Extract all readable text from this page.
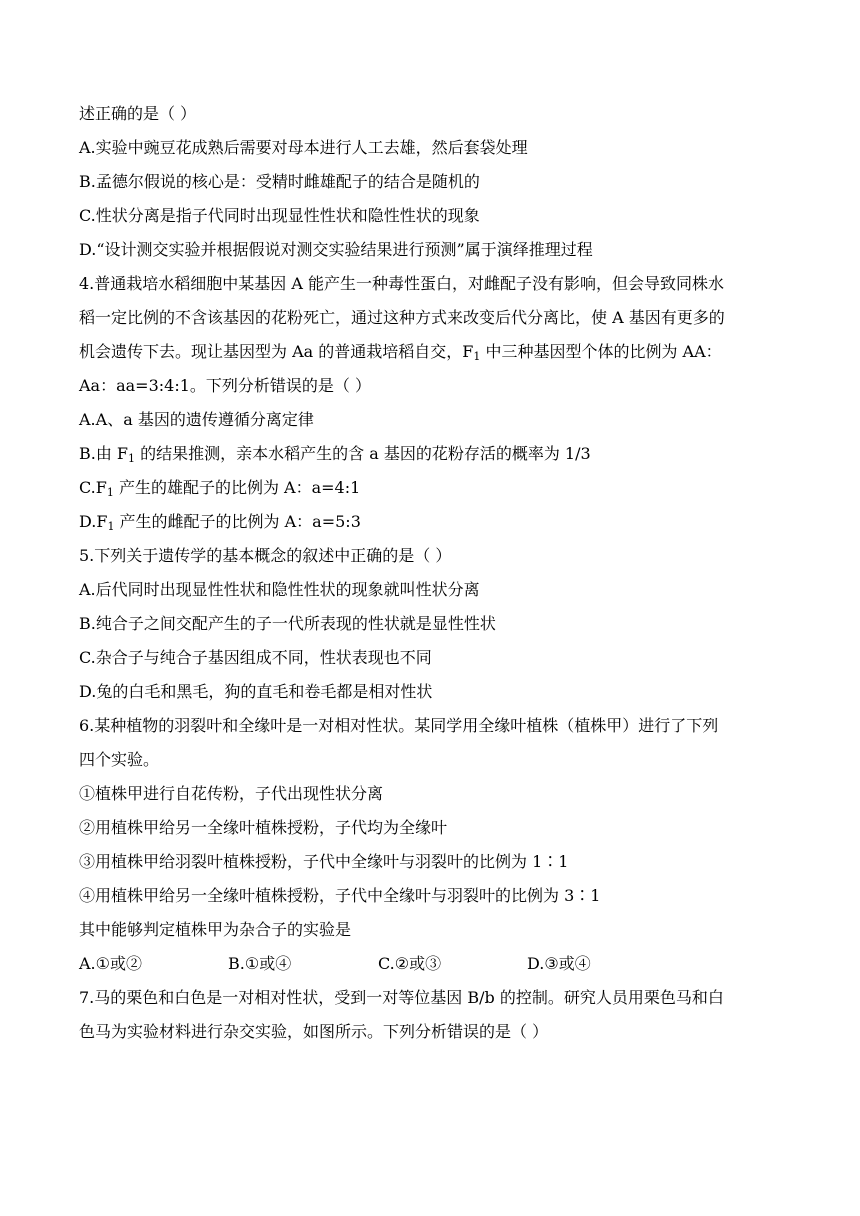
述正确的是（ ）
A.实验中豌豆花成熟后需要对母本进行人工去雄，然后套袋处理
B.孟德尔假说的核心是：受精时雌雄配子的结合是随机的
C.性状分离是指子代同时出现显性性状和隐性性状的现象
D.“设计测交实验并根据假说对测交实验结果进行预测”属于演绎推理过程
4.普通栽培水稻细胞中某基因 A 能产生一种毒性蛋白，对雌配子没有影响，但会导致同株水
稻一定比例的不含该基因的花粉死亡，通过这种方式来改变后代分离比，使 A 基因有更多的
机会遗传下去。现让基因型为 Aa 的普通栽培稻自交，$F_1$ 中三种基因型个体的比例为 AA：
Aa：aa=3:4:1。下列分析错误的是（ ）
A.A、a 基因的遗传遵循分离定律
B.由 $F_1$ 的结果推测，亲本水稻产生的含 a 基因的花粉存活的概率为 1/3
$C.F_1$ 产生的雄配子的比例为 A：a=4:1
$D.F_1$ 产生的雌配子的比例为 A：a=5:3
5.下列关于遗传学的基本概念的叙述中正确的是（ ）
A.后代同时出现显性性状和隐性性状的现象就叫性状分离
B.纯合子之间交配产生的子一代所表现的性状就是显性性状
C.杂合子与纯合子基因组成不同，性状表现也不同
D.兔的白毛和黑毛，狗的直毛和卷毛都是相对性状
6.某种植物的羽裂叶和全缘叶是一对相对性状。某同学用全缘叶植株（植株甲）进行了下列
四个实验。
①植株甲进行自花传粉，子代出现性状分离
②用植株甲给另一全缘叶植株授粉，子代均为全缘叶
③用植株甲给羽裂叶植株授粉，子代中全缘叶与羽裂叶的比例为 1∶1
④用植株甲给另一全缘叶植株授粉，子代中全缘叶与羽裂叶的比例为 3∶1
其中能够判定植株甲为杂合子的实验是
A.①或②	B.①或④	C.②或③	D.③或④
7.马的栗色和白色是一对相对性状，受到一对等位基因 B/b 的控制。研究人员用栗色马和白
色马为实验材料进行杂交实验，如图所示。下列分析错误的是（ ）
